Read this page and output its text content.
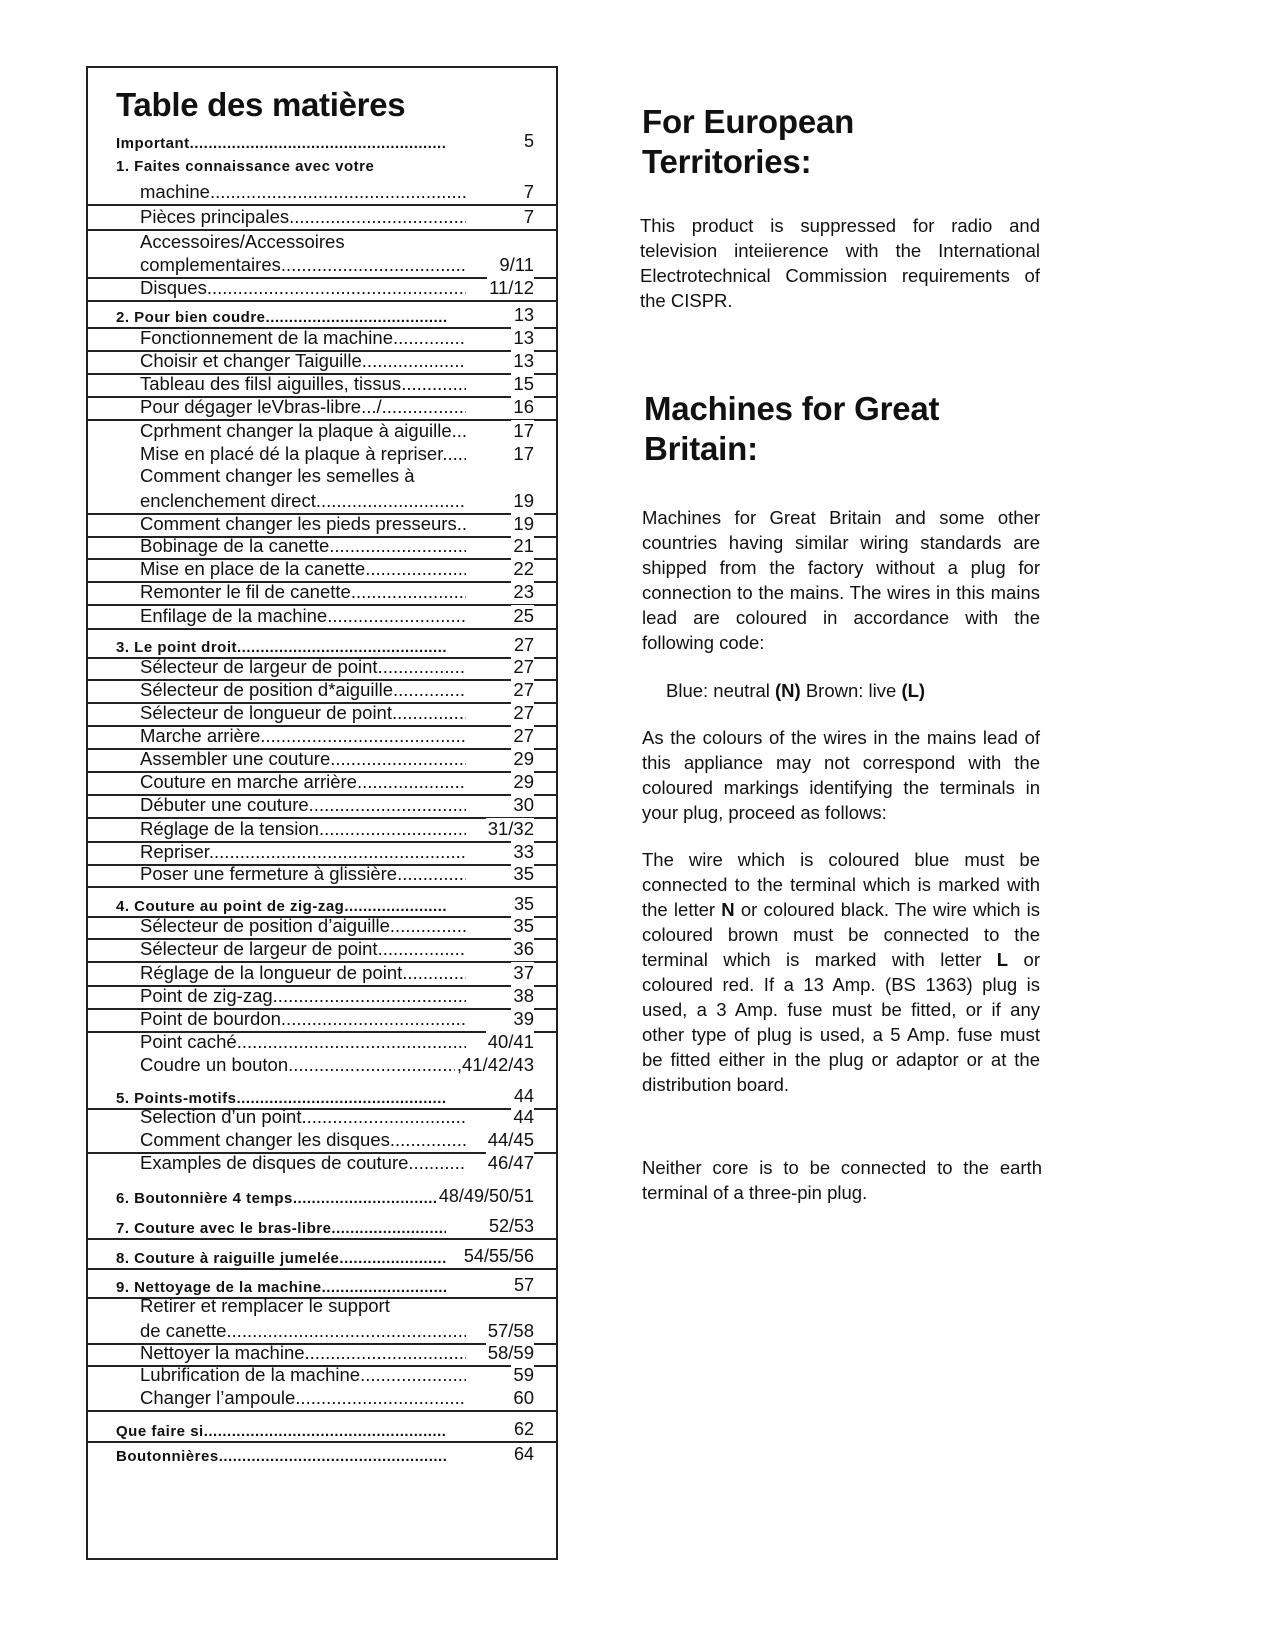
Table des matières
Important .....	5
1. Faites connaissance avec votre
machine .....	7
Pièces principales .....	7
Accessoires/Accessoires
complementaires .....	9/11
Disques .....	11/12
2. Pour bien coudre .....	13
Fonctionnement de la machine .....	13
Choisir et changer Taiguille .....	13
Tableau des filsl aiguilles, tissus .....	15
Pour dégager leVbras-libre.../ .....	16
Cprhment changer la plaque à aiguille .....	17
Mise en placé dé la plaque à repriser .....	17
Comment changer les semelles à
enclenchement direct .....	19
Comment changer les pieds presseurs .....	19
Bobinage de la canette .....	21
Mise en place de la canette .....	22
Remonter le fil de canette .....	23
Enfilage de la machine .....	25
3. Le point droit .....	27
Sélecteur de largeur de point .....	27
Sélecteur de position d*aiguille .....	27
Sélecteur de longueur de point .....	27
Marche arrière .....	27
Assembler une couture .....	29
Couture en marche arrière .....	29
Débuter une couture .....	30
Réglage de la tension .....	31/32
Repriser .....	33
Poser une fermeture à glissière .....	35
4. Couture au point de zig-zag .....	35
Sélecteur de position d’aiguille .....	35
Sélecteur de largeur de point .....	36
Réglage de la longueur de point .....	37
Point de zig-zag .....	38
Point de bourdon .....	39
Point caché .....	40/41
Coudre un bouton .....	,41/42/43
5. Points-motifs .....	44
Selection d’un point .....	44
Comment changer les disques .....	44/45
Examples de disques de couture .....	46/47
6. Boutonnière 4 temps .....	48/49/50/51
7. Couture avec le bras-libre .....	52/53
8. Couture à raiguille jumelée .....	54/55/56
9. Nettoyage de la machine .....	57
Retirer et remplacer le support
de canette .....	57/58
Nettoyer la machine .....	58/59
Lubrification de la machine .....	59
Changer l’ampoule .....	60
Que faire si .....	62
Boutonnières .....	64
For European
Territories:

This product is suppressed for radio and television inteiierence with the International Electrotechnical Commission requirements of the CISPR.

Machines for Great
Britain:

Machines for Great Britain and some other countries having similar wiring standards are shipped from the factory without a plug for connection to the mains. The wires in this mains lead are coloured in accordance with the following code:

Blue: neutral (N) Brown: live (L)

As the colours of the wires in the mains lead of this appliance may not correspond with the coloured markings identifying the terminals in your plug, proceed as follows:

The wire which is coloured blue must be connected to the terminal which is marked with the letter N or coloured black. The wire which is coloured brown must be connected to the terminal which is marked with letter L or coloured red. If a 13 Amp. (BS 1363) plug is used, a 3 Amp. fuse must be fitted, or if any other type of plug is used, a 5 Amp. fuse must be fitted either in the plug or adaptor or at the distribution board.

Neither core is to be connected to the earth terminal of a three-pin plug.
